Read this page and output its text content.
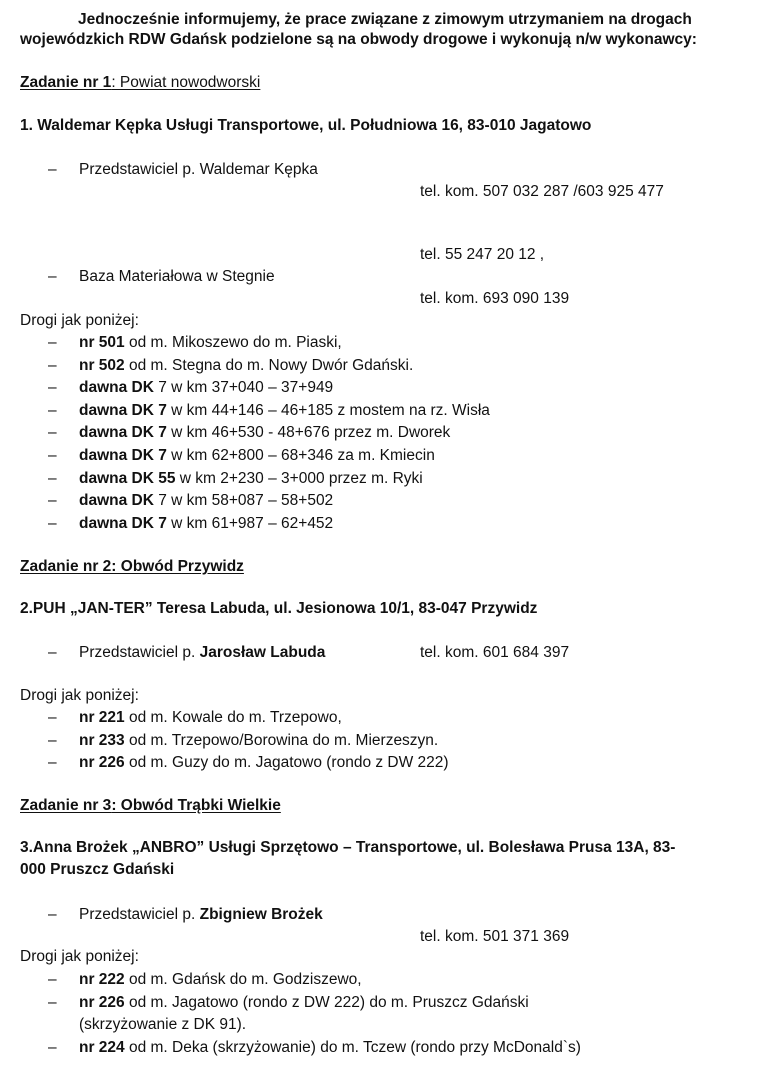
Jednocześnie informujemy, że prace związane z zimowym utrzymaniem na drogach wojewódzkich RDW Gdańsk podzielone są na obwody drogowe i wykonują n/w wykonawcy:
Zadanie nr 1: Powiat nowodworski
1. Waldemar Kępka Usługi Transportowe, ul. Południowa 16, 83-010 Jagatowo
–	Przedstawiciel p. Waldemar Kępka
tel. kom. 507 032 287 /603 925 477
tel. 55 247 20 12 ,
–	Baza Materiałowa w Stegnie
tel. kom. 693 090 139
Drogi jak poniżej:
–	nr 501 od m. Mikoszewo do m. Piaski,
–	nr 502 od m. Stegna do m. Nowy Dwór Gdański.
–	dawna DK 7 w km 37+040 – 37+949
–	dawna DK 7 w km 44+146 – 46+185 z mostem na rz. Wisła
–	dawna DK 7 w km 46+530 - 48+676 przez m. Dworek
–	dawna DK 7 w km 62+800 – 68+346 za m. Kmiecin
–	dawna DK 55 w km 2+230 – 3+000 przez m. Ryki
–	dawna DK 7 w km 58+087 – 58+502
–	dawna DK 7 w km 61+987 – 62+452
Zadanie nr 2: Obwód Przywidz
2.PUH „JAN-TER” Teresa Labuda, ul. Jesionowa 10/1, 83-047 Przywidz
–	Przedstawiciel p. Jarosław Labuda	tel. kom. 601 684 397
Drogi jak poniżej:
–	nr 221 od m. Kowale do m. Trzepowo,
–	nr 233 od m. Trzepowo/Borowina do m. Mierzeszyn.
–	nr 226 od m. Guzy do m. Jagatowo (rondo z DW 222)
Zadanie nr 3: Obwód Trąbki Wielkie
3.Anna Brożek „ANBRO” Usługi Sprzętowo – Transportowe, ul. Bolesława Prusa 13A, 83-
000 Pruszcz Gdański
–	Przedstawiciel p. Zbigniew Brożek
tel. kom. 501 371 369
Drogi jak poniżej:
–	nr 222 od m. Gdańsk do m. Godziszewo,
–	nr 226 od m. Jagatowo (rondo z DW 222) do m. Pruszcz Gdański
(skrzyżowanie z DK 91).
–	nr 224 od m. Deka (skrzyżowanie) do m. Tczew (rondo przy McDonald`s)
